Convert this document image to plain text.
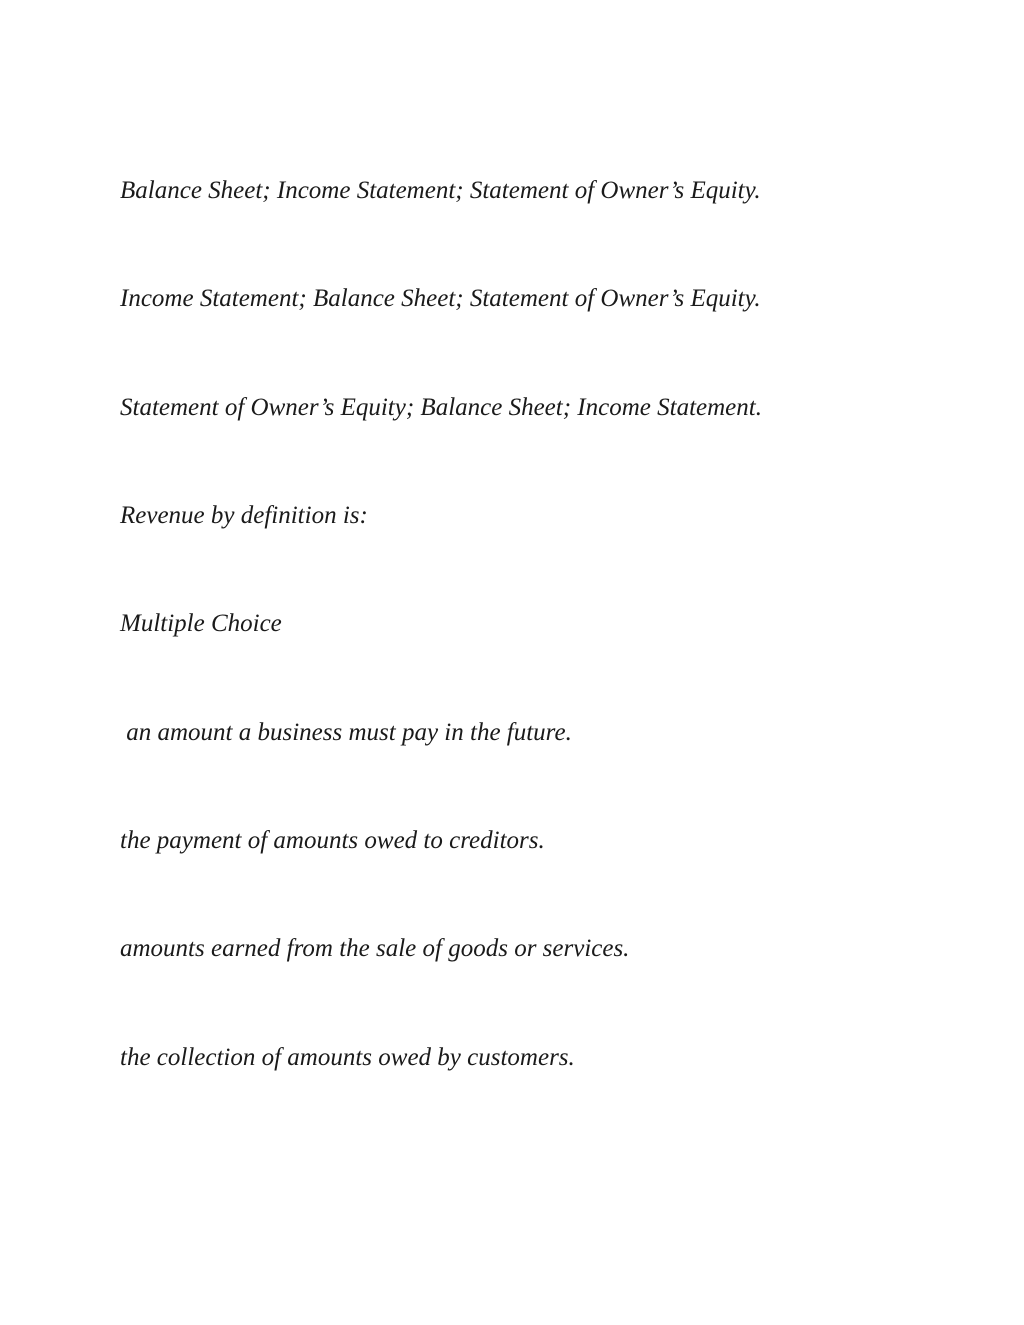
Balance Sheet; Income Statement; Statement of Owner’s Equity.

Income Statement; Balance Sheet; Statement of Owner’s Equity.

Statement of Owner’s Equity; Balance Sheet; Income Statement.

Revenue by definition is:

Multiple Choice

an amount a business must pay in the future.

the payment of amounts owed to creditors.

amounts earned from the sale of goods or services.

the collection of amounts owed by customers.
